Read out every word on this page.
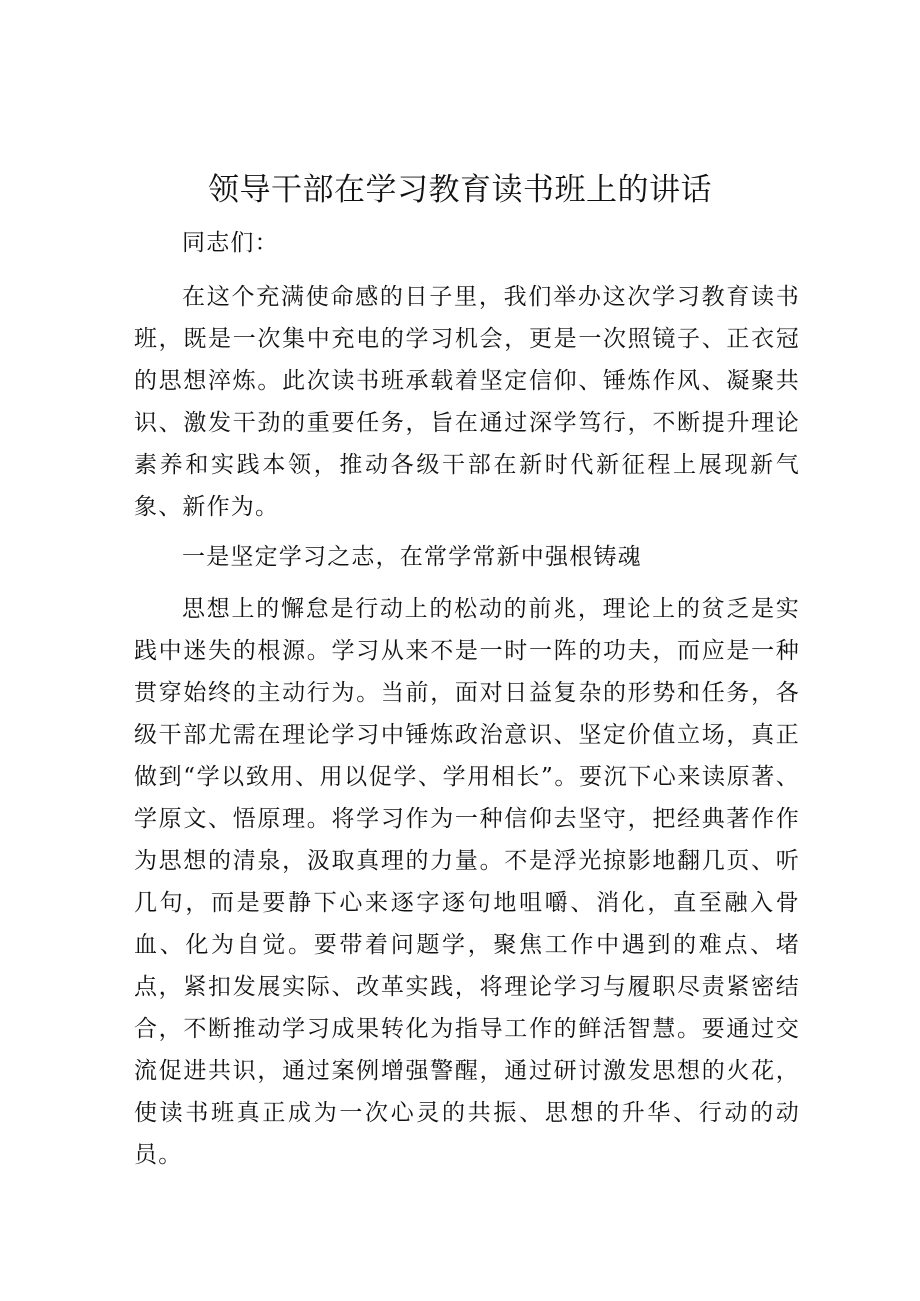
领导干部在学习教育读书班上的讲话

同志们：

在这个充满使命感的日子里，我们举办这次学习教育读书班，既是一次集中充电的学习机会，更是一次照镜子、正衣冠的思想淬炼。此次读书班承载着坚定信仰、锤炼作风、凝聚共识、激发干劲的重要任务，旨在通过深学笃行，不断提升理论素养和实践本领，推动各级干部在新时代新征程上展现新气象、新作为。

一是坚定学习之志，在常学常新中强根铸魂

思想上的懈怠是行动上的松动的前兆，理论上的贫乏是实践中迷失的根源。学习从来不是一时一阵的功夫，而应是一种贯穿始终的主动行为。当前，面对日益复杂的形势和任务，各级干部尤需在理论学习中锤炼政治意识、坚定价值立场，真正做到“学以致用、用以促学、学用相长”。要沉下心来读原著、学原文、悟原理。将学习作为一种信仰去坚守，把经典著作作为思想的清泉，汲取真理的力量。不是浮光掠影地翻几页、听几句，而是要静下心来逐字逐句地咀嚼、消化，直至融入骨血、化为自觉。要带着问题学，聚焦工作中遇到的难点、堵点，紧扣发展实际、改革实践，将理论学习与履职尽责紧密结合，不断推动学习成果转化为指导工作的鲜活智慧。要通过交流促进共识，通过案例增强警醒，通过研讨激发思想的火花，使读书班真正成为一次心灵的共振、思想的升华、行动的动员。
